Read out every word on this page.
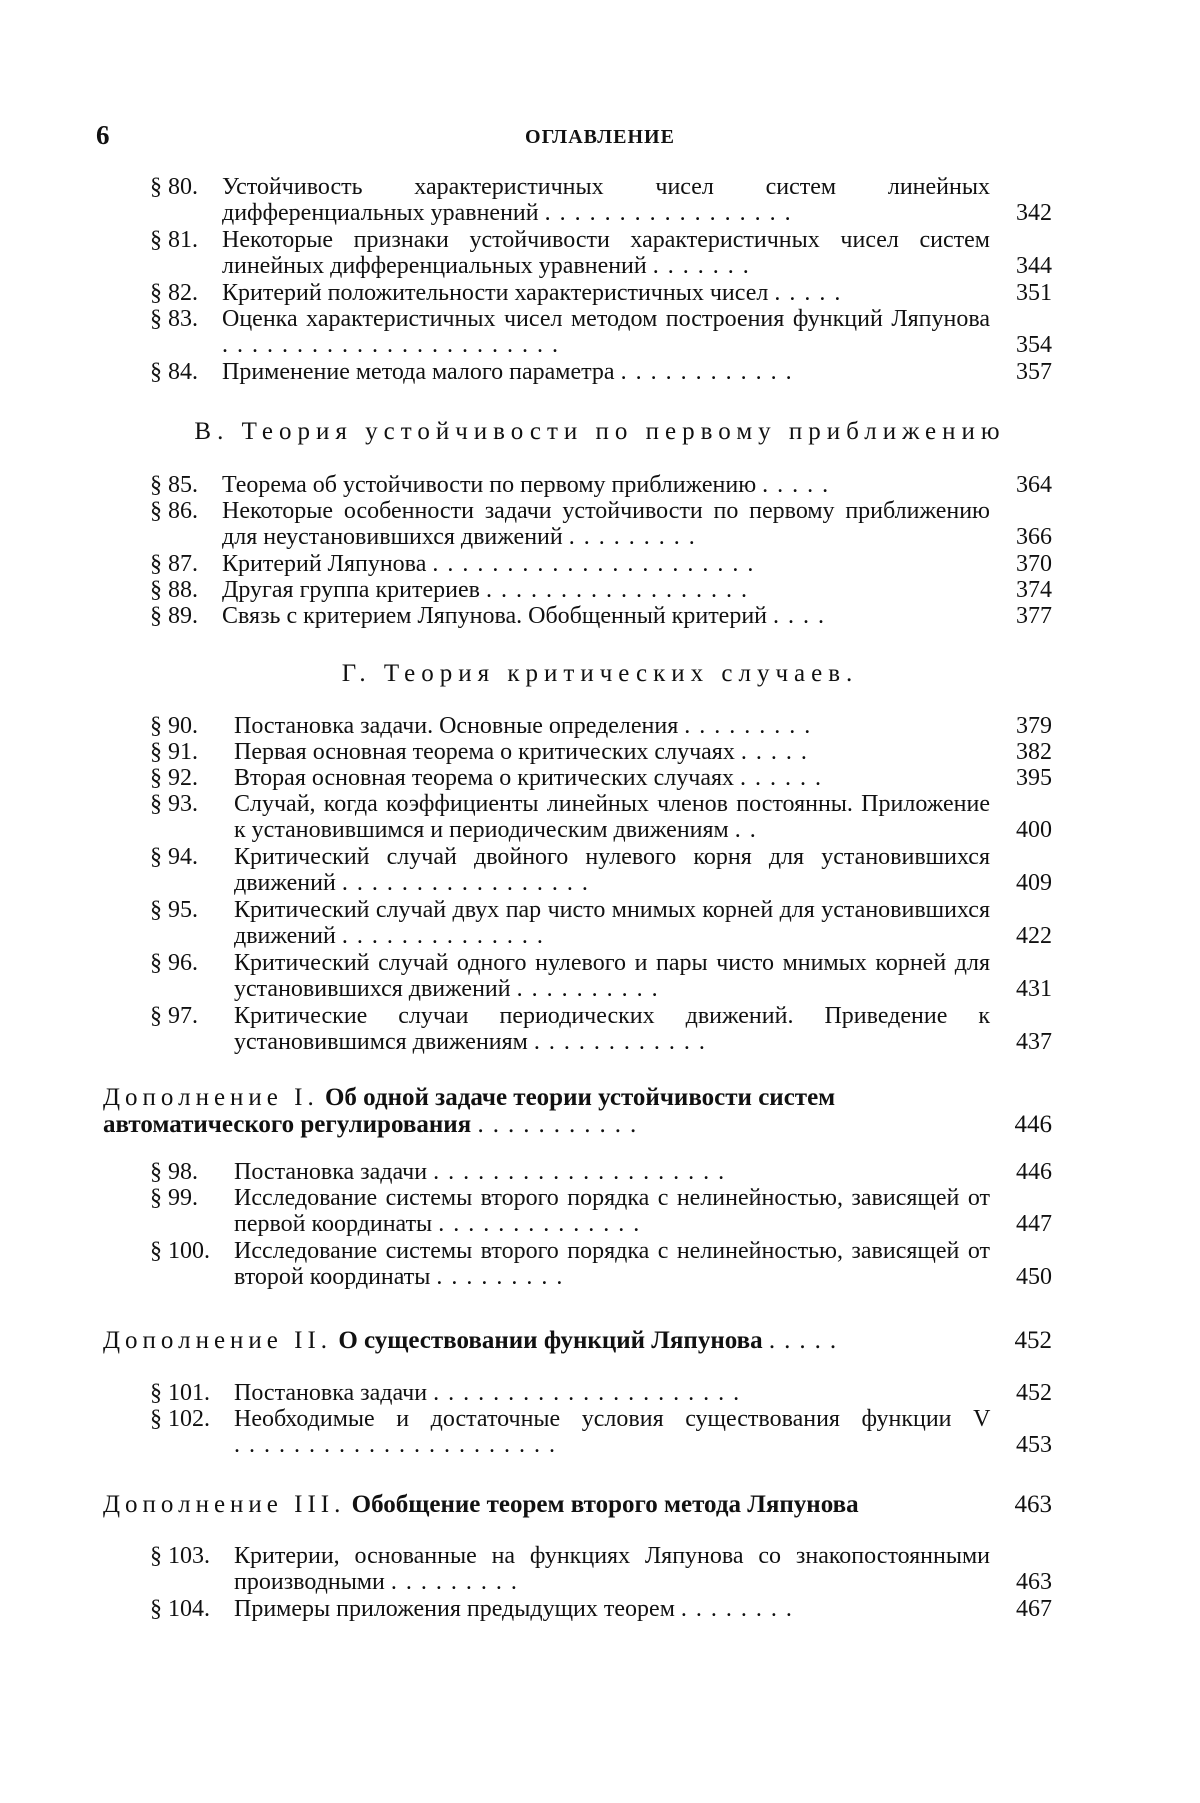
6	ОГЛАВЛЕНИЕ
§ 80.	Устойчивость характеристичных чисел систем линейных дифференциальных уравнений .................	342
§ 81.	Некоторые признаки устойчивости характеристичных чисел систем линейных дифференциальных уравнений .......	344
§ 82.	Критерий положительности характеристичных чисел .....	351
§ 83.	Оценка характеристичных чисел методом построения функций Ляпунова .......................	354
§ 84.	Применение метода малого параметра ............	357
В. Теория устойчивости по первому приближению
§ 85.	Теорема об устойчивости по первому приближению .....	364
§ 86.	Некоторые особенности задачи устойчивости по первому приближению для неустановившихся движений .........	366
§ 87.	Критерий Ляпунова ......................	370
§ 88.	Другая группа критериев ..................	374
§ 89.	Связь с критерием Ляпунова. Обобщенный критерий ....	377
Г. Теория критических случаев.
§ 90.	Постановка задачи. Основные определения .........	379
§ 91.	Первая основная теорема о критических случаях .....	382
§ 92.	Вторая основная теорема о критических случаях ......	395
§ 93.	Случай, когда коэффициенты линейных членов постоянны. Приложение к установившимся и периодическим движениям ..	400
§ 94.	Критический случай двойного нулевого корня для установившихся движений .................	409
§ 95.	Критический случай двух пар чисто мнимых корней для установившихся движений ..............	422
§ 96.	Критический случай одного нулевого и пары чисто мнимых корней для установившихся движений ..........	431
§ 97.	Критические случаи периодических движений. Приведение к установившимся движениям ............	437
Дополнение I. Об одной задаче теории устойчивости систем автоматического регулирования ...........	446
§ 98.	Постановка задачи ....................	446
§ 99.	Исследование системы второго порядка с нелинейностью, зависящей от первой координаты ..............	447
§ 100.	Исследование системы второго порядка с нелинейностью, зависящей от второй координаты .........	450
Дополнение II. О существовании функций Ляпунова .....	452
§ 101.	Постановка задачи .....................	452
§ 102.	Необходимые и достаточные условия существования функции V ......................	453
Дополнение III. Обобщение теорем второго метода Ляпунова	463
§ 103.	Критерии, основанные на функциях Ляпунова со знакопостоянными производными .........	463
§ 104.	Примеры приложения предыдущих теорем ........	467
